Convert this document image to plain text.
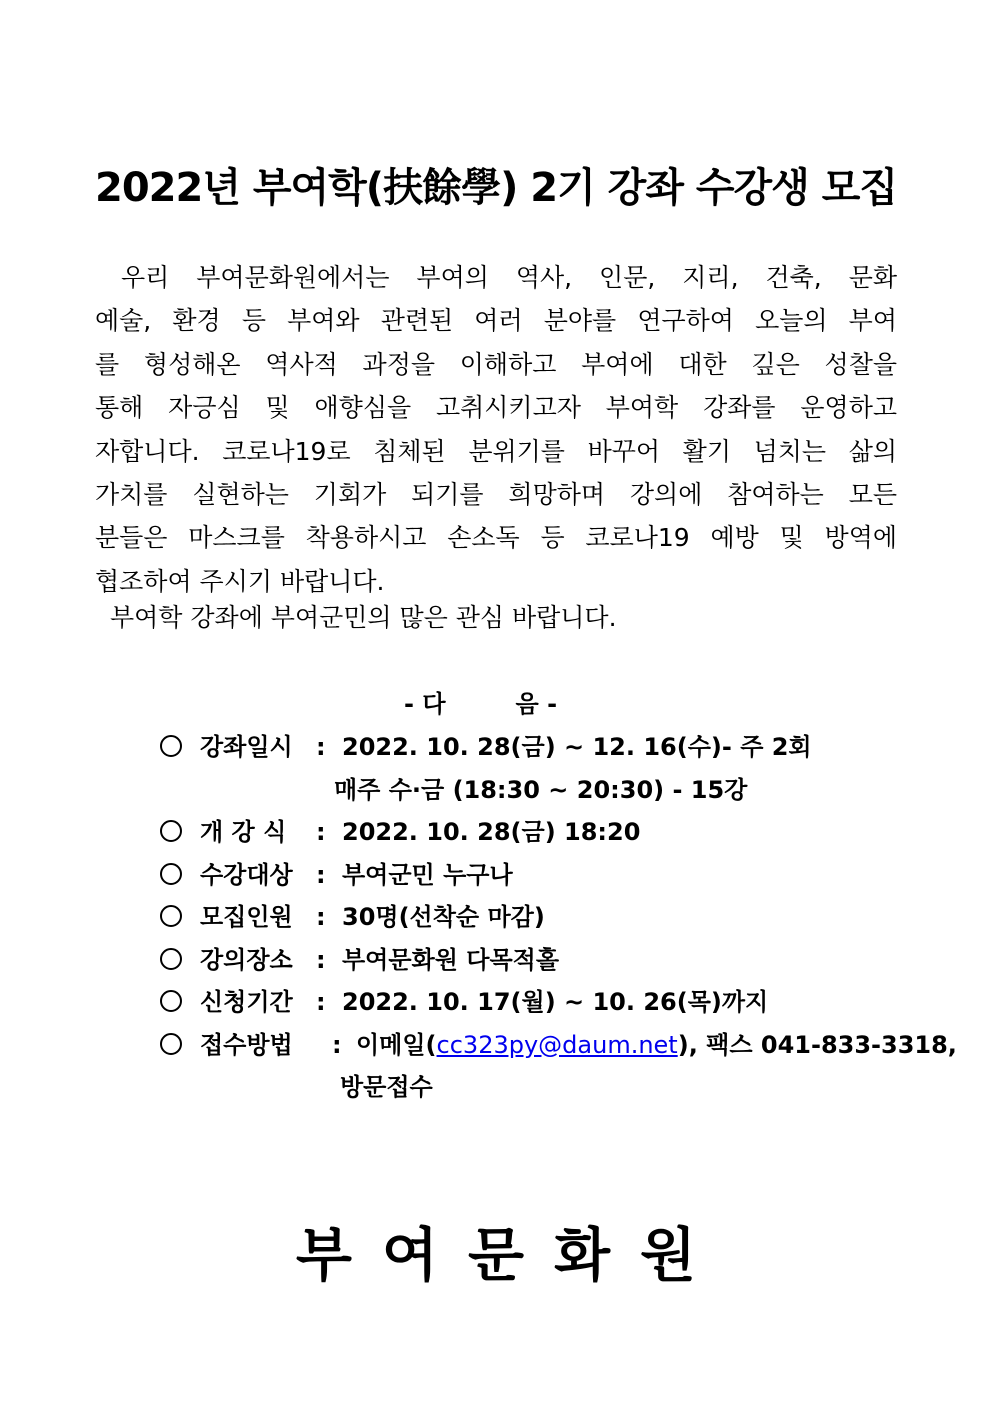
2022년 부여학(扶餘學) 2기 강좌 수강생 모집
우리 부여문화원에서는 부여의 역사, 인문, 지리, 건축, 문화
예술, 환경 등 부여와 관련된 여러 분야를 연구하여 오늘의 부여
를 형성해온 역사적 과정을 이해하고 부여에 대한 깊은 성찰을
통해 자긍심 및 애향심을 고취시키고자 부여학 강좌를 운영하고
자합니다. 코로나19로 침체된 분위기를 바꾸어 활기 넘치는 삶의
가치를 실현하는 기회가 되기를 희망하며 강의에 참여하는 모든
분들은 마스크를 착용하시고 손소독 등 코로나19 예방 및 방역에
협조하여 주시기 바랍니다.
부여학 강좌에 부여군민의 많은 관심 바랍니다.
- 다	음 -
강좌일시 : 2022. 10. 28(금) ~ 12. 16(수)- 주 2회
매주 수·금 (18:30 ~ 20:30) - 15강
개 강 식 : 2022. 10. 28(금) 18:20
수강대상 : 부여군민 누구나
모집인원 : 30명(선착순 마감)
강의장소 : 부여문화원 다목적홀
신청기간 : 2022. 10. 17(월) ~ 10. 26(목)까지
접수방법 : 이메일(cc323py@daum.net), 팩스 041-833-3318,
방문접수
부여문화원
